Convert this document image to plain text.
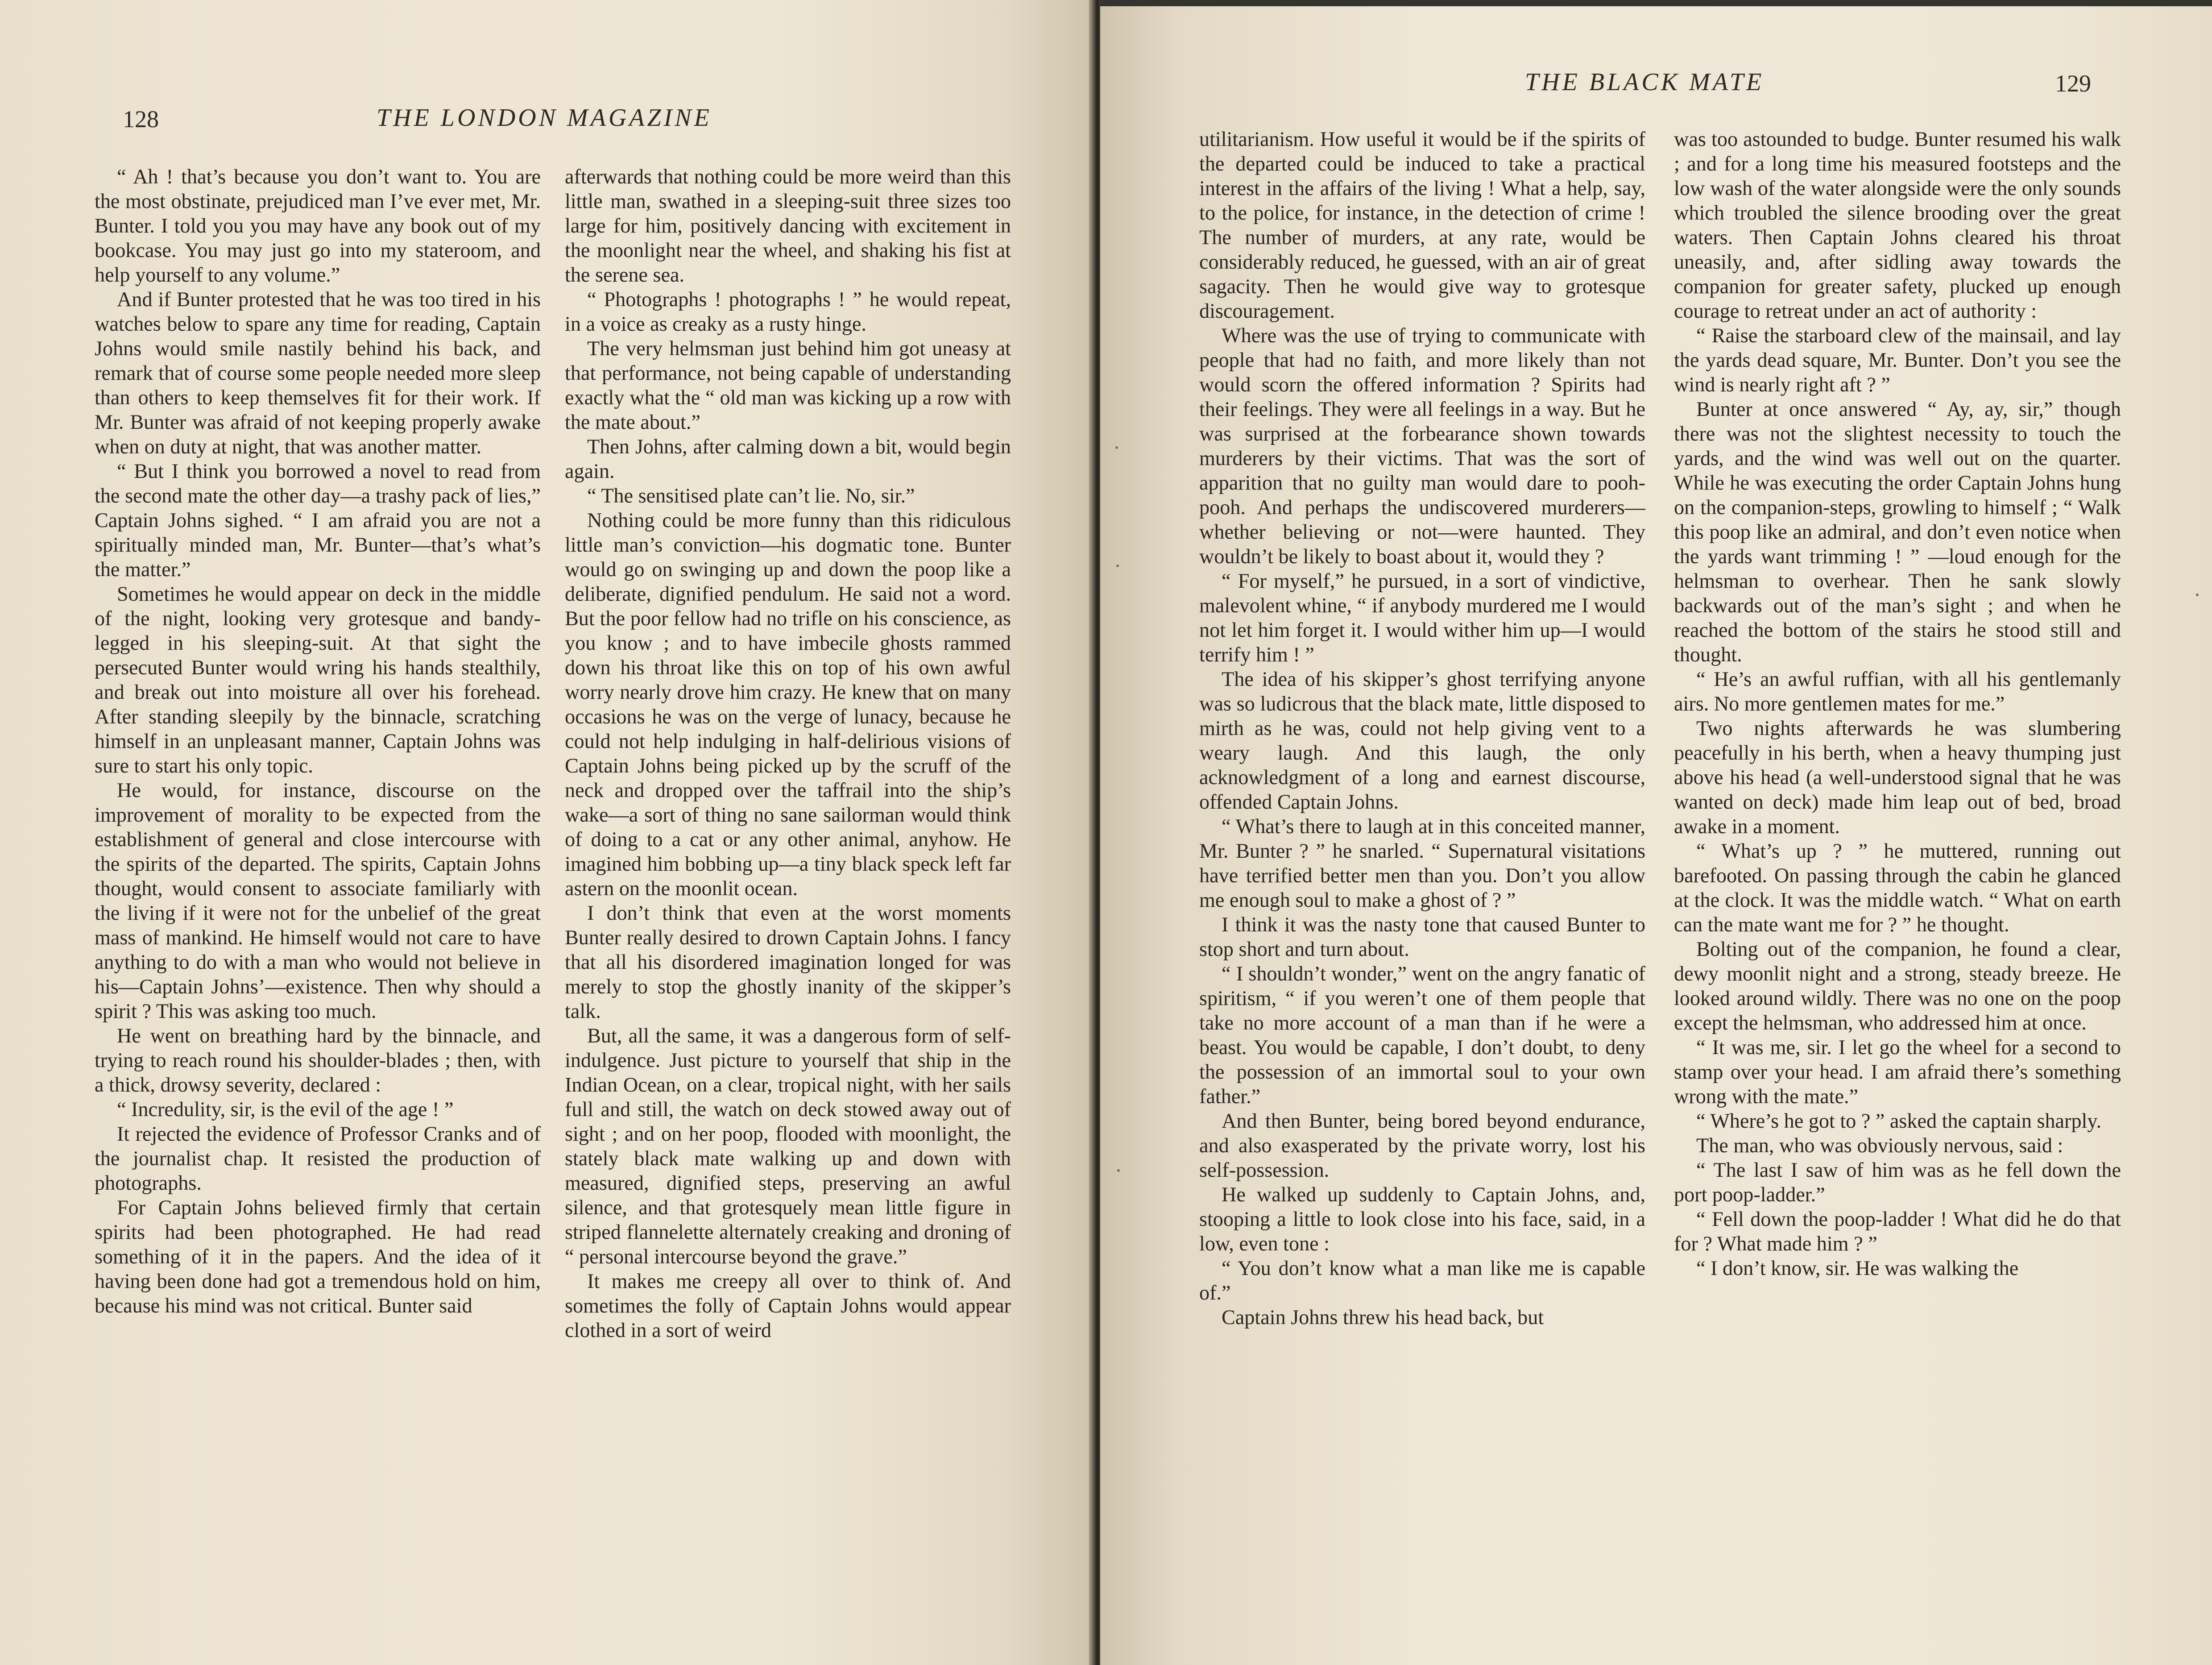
128	THE LONDON MAGAZINE

“ Ah ! that’s because you don’t want to. You are the most obstinate, prejudiced man I’ve ever met, Mr. Bunter. I told you you may have any book out of my bookcase. You may just go into my stateroom, and help yourself to any volume.”

And if Bunter protested that he was too tired in his watches below to spare any time for reading, Captain Johns would smile nastily behind his back, and remark that of course some people needed more sleep than others to keep themselves fit for their work. If Mr. Bunter was afraid of not keeping properly awake when on duty at night, that was another matter.

“ But I think you borrowed a novel to read from the second mate the other day—a trashy pack of lies,” Captain Johns sighed. “ I am afraid you are not a spiritually minded man, Mr. Bunter—that’s what’s the matter.”

Sometimes he would appear on deck in the middle of the night, looking very grotesque and bandy-legged in his sleeping-suit. At that sight the persecuted Bunter would wring his hands stealthily, and break out into moisture all over his forehead. After standing sleepily by the binnacle, scratching himself in an unpleasant manner, Captain Johns was sure to start his only topic.

He would, for instance, discourse on the improvement of morality to be expected from the establishment of general and close intercourse with the spirits of the departed. The spirits, Captain Johns thought, would consent to associate familiarly with the living if it were not for the unbelief of the great mass of mankind. He himself would not care to have anything to do with a man who would not believe in his—Captain Johns’—existence. Then why should a spirit ? This was asking too much.

He went on breathing hard by the binnacle, and trying to reach round his shoulder-blades ; then, with a thick, drowsy severity, declared :

“ Incredulity, sir, is the evil of the age ! ”

It rejected the evidence of Professor Cranks and of the journalist chap. It resisted the production of photographs.

For Captain Johns believed firmly that certain spirits had been photographed. He had read something of it in the papers. And the idea of it having been done had got a tremendous hold on him, because his mind was not critical. Bunter said

afterwards that nothing could be more weird than this little man, swathed in a sleeping-suit three sizes too large for him, positively dancing with excitement in the moonlight near the wheel, and shaking his fist at the serene sea.

“ Photographs ! photographs ! ” he would repeat, in a voice as creaky as a rusty hinge.

The very helmsman just behind him got uneasy at that performance, not being capable of understanding exactly what the “ old man was kicking up a row with the mate about.”

Then Johns, after calming down a bit, would begin again.

“ The sensitised plate can’t lie. No, sir.”

Nothing could be more funny than this ridiculous little man’s conviction—his dogmatic tone. Bunter would go on swinging up and down the poop like a deliberate, dignified pendulum. He said not a word. But the poor fellow had no trifle on his conscience, as you know ; and to have imbecile ghosts rammed down his throat like this on top of his own awful worry nearly drove him crazy. He knew that on many occasions he was on the verge of lunacy, because he could not help indulging in half-delirious visions of Captain Johns being picked up by the scruff of the neck and dropped over the taffrail into the ship’s wake—a sort of thing no sane sailorman would think of doing to a cat or any other animal, anyhow. He imagined him bobbing up—a tiny black speck left far astern on the moonlit ocean.

I don’t think that even at the worst moments Bunter really desired to drown Captain Johns. I fancy that all his disordered imagination longed for was merely to stop the ghostly inanity of the skipper’s talk.

But, all the same, it was a dangerous form of self-indulgence. Just picture to yourself that ship in the Indian Ocean, on a clear, tropical night, with her sails full and still, the watch on deck stowed away out of sight ; and on her poop, flooded with moonlight, the stately black mate walking up and down with measured, dignified steps, preserving an awful silence, and that grotesquely mean little figure in striped flannelette alternately creaking and droning of “ personal intercourse beyond the grave.”

It makes me creepy all over to think of. And sometimes the folly of Captain Johns would appear clothed in a sort of weird

THE BLACK MATE	129

utilitarianism. How useful it would be if the spirits of the departed could be induced to take a practical interest in the affairs of the living ! What a help, say, to the police, for instance, in the detection of crime ! The number of murders, at any rate, would be considerably reduced, he guessed, with an air of great sagacity. Then he would give way to grotesque discouragement.

Where was the use of trying to communicate with people that had no faith, and more likely than not would scorn the offered information ? Spirits had their feelings. They were all feelings in a way. But he was surprised at the forbearance shown towards murderers by their victims. That was the sort of apparition that no guilty man would dare to pooh-pooh. And perhaps the undiscovered murderers—whether believing or not—were haunted. They wouldn’t be likely to boast about it, would they ?

“ For myself,” he pursued, in a sort of vindictive, malevolent whine, “ if anybody murdered me I would not let him forget it. I would wither him up—I would terrify him ! ”

The idea of his skipper’s ghost terrifying anyone was so ludicrous that the black mate, little disposed to mirth as he was, could not help giving vent to a weary laugh. And this laugh, the only acknowledgment of a long and earnest discourse, offended Captain Johns.

“ What’s there to laugh at in this conceited manner, Mr. Bunter ? ” he snarled. “ Supernatural visitations have terrified better men than you. Don’t you allow me enough soul to make a ghost of ? ”

I think it was the nasty tone that caused Bunter to stop short and turn about.

“ I shouldn’t wonder,” went on the angry fanatic of spiritism, “ if you weren’t one of them people that take no more account of a man than if he were a beast. You would be capable, I don’t doubt, to deny the possession of an immortal soul to your own father.”

And then Bunter, being bored beyond endurance, and also exasperated by the private worry, lost his self-possession.

He walked up suddenly to Captain Johns, and, stooping a little to look close into his face, said, in a low, even tone :

“ You don’t know what a man like me is capable of.”

Captain Johns threw his head back, but

was too astounded to budge. Bunter resumed his walk ; and for a long time his measured footsteps and the low wash of the water alongside were the only sounds which troubled the silence brooding over the great waters. Then Captain Johns cleared his throat uneasily, and, after sidling away towards the companion for greater safety, plucked up enough courage to retreat under an act of authority :

“ Raise the starboard clew of the mainsail, and lay the yards dead square, Mr. Bunter. Don’t you see the wind is nearly right aft ? ”

Bunter at once answered “ Ay, ay, sir,” though there was not the slightest necessity to touch the yards, and the wind was well out on the quarter. While he was executing the order Captain Johns hung on the companion-steps, growling to himself ; “ Walk this poop like an admiral, and don’t even notice when the yards want trimming ! ” —loud enough for the helmsman to overhear. Then he sank slowly backwards out of the man’s sight ; and when he reached the bottom of the stairs he stood still and thought.

“ He’s an awful ruffian, with all his gentlemanly airs. No more gentlemen mates for me.”

Two nights afterwards he was slumbering peacefully in his berth, when a heavy thumping just above his head (a well-understood signal that he was wanted on deck) made him leap out of bed, broad awake in a moment.

“ What’s up ? ” he muttered, running out barefooted. On passing through the cabin he glanced at the clock. It was the middle watch. “ What on earth can the mate want me for ? ” he thought.

Bolting out of the companion, he found a clear, dewy moonlit night and a strong, steady breeze. He looked around wildly. There was no one on the poop except the helmsman, who addressed him at once.

“ It was me, sir. I let go the wheel for a second to stamp over your head. I am afraid there’s something wrong with the mate.”

“ Where’s he got to ? ” asked the captain sharply.

The man, who was obviously nervous, said :

“ The last I saw of him was as he fell down the port poop-ladder.”

“ Fell down the poop-ladder ! What did he do that for ? What made him ? ”

“ I don’t know, sir. He was walking the
